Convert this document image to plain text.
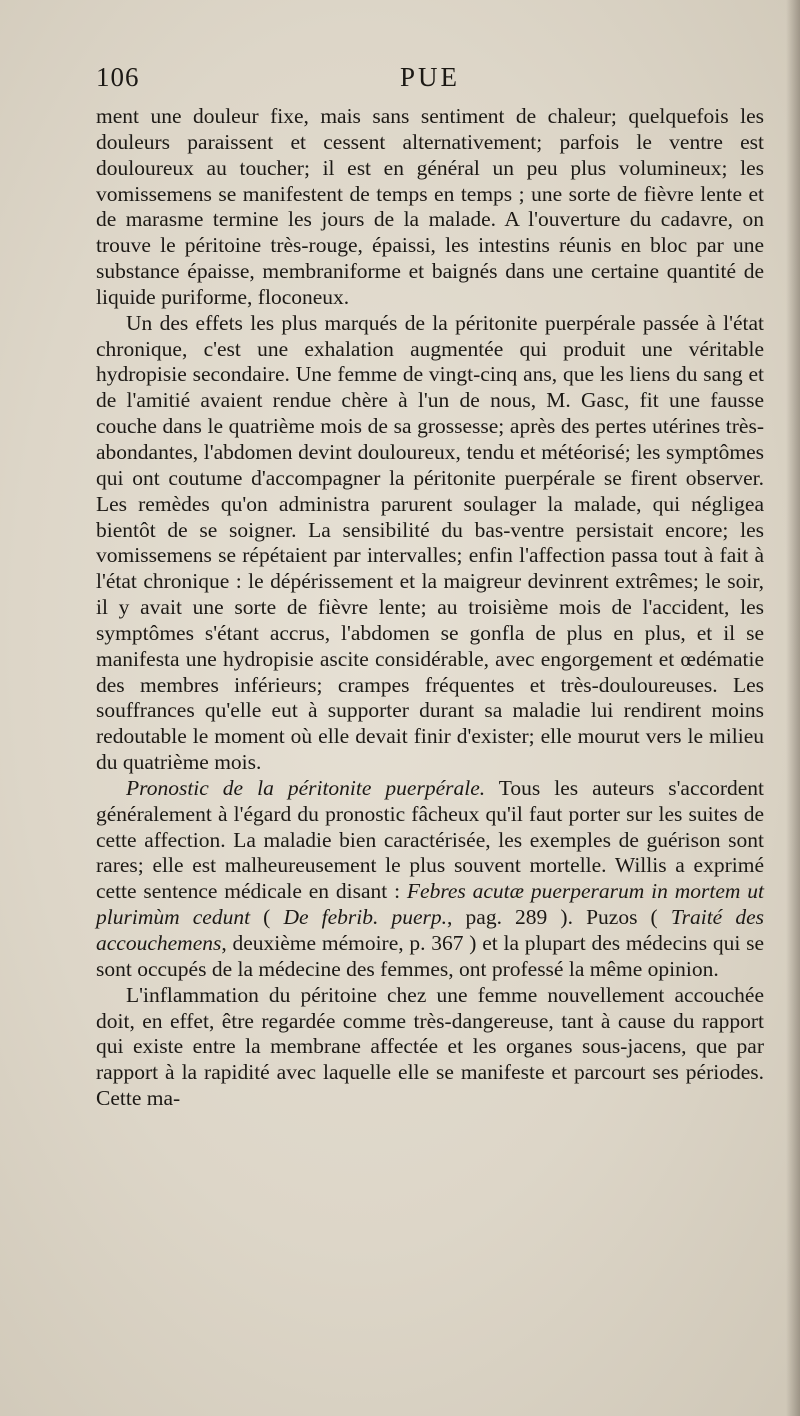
PUE
106

ment une douleur fixe, mais sans sentiment de chaleur; quelquefois les douleurs paraissent et cessent alternativement; parfois le ventre est douloureux au toucher; il est en général un peu plus volumineux; les vomissemens se manifestent de temps en temps ; une sorte de fièvre lente et de marasme termine les jours de la malade. A l'ouverture du cadavre, on trouve le péritoine très-rouge, épaissi, les intestins réunis en bloc par une substance épaisse, membraniforme et baignés dans une certaine quantité de liquide puriforme, floconeux.

Un des effets les plus marqués de la péritonite puerpérale passée à l'état chronique, c'est une exhalation augmentée qui produit une véritable hydropisie secondaire. Une femme de vingt-cinq ans, que les liens du sang et de l'amitié avaient rendue chère à l'un de nous, M. Gasc, fit une fausse couche dans le quatrième mois de sa grossesse; après des pertes utérines très-abondantes, l'abdomen devint douloureux, tendu et météorisé; les symptômes qui ont coutume d'accompagner la péritonite puerpérale se firent observer. Les remèdes qu'on administra parurent soulager la malade, qui négligea bientôt de se soigner. La sensibilité du bas-ventre persistait encore; les vomissemens se répétaient par intervalles; enfin l'affection passa tout à fait à l'état chronique : le dépérissement et la maigreur devinrent extrêmes; le soir, il y avait une sorte de fièvre lente; au troisième mois de l'accident, les symptômes s'étant accrus, l'abdomen se gonfla de plus en plus, et il se manifesta une hydropisie ascite considérable, avec engorgement et œdématie des membres inférieurs; crampes fréquentes et très-douloureuses. Les souffrances qu'elle eut à supporter durant sa maladie lui rendirent moins redoutable le moment où elle devait finir d'exister; elle mourut vers le milieu du quatrième mois.

Pronostic de la péritonite puerpérale. Tous les auteurs s'accordent généralement à l'égard du pronostic fâcheux qu'il faut porter sur les suites de cette affection. La maladie bien caractérisée, les exemples de guérison sont rares; elle est malheureusement le plus souvent mortelle. Willis a exprimé cette sentence médicale en disant : Febres acutæ puerperarum in mortem ut plurimùm cedunt ( De febrib. puerp., pag. 289 ). Puzos ( Traité des accouchemens, deuxième mémoire, p. 367 ) et la plupart des médecins qui se sont occupés de la médecine des femmes, ont professé la même opinion.

L'inflammation du péritoine chez une femme nouvellement accouchée doit, en effet, être regardée comme très-dangereuse, tant à cause du rapport qui existe entre la membrane affectée et les organes sous-jacens, que par rapport à la rapidité avec laquelle elle se manifeste et parcourt ses périodes. Cette ma-
